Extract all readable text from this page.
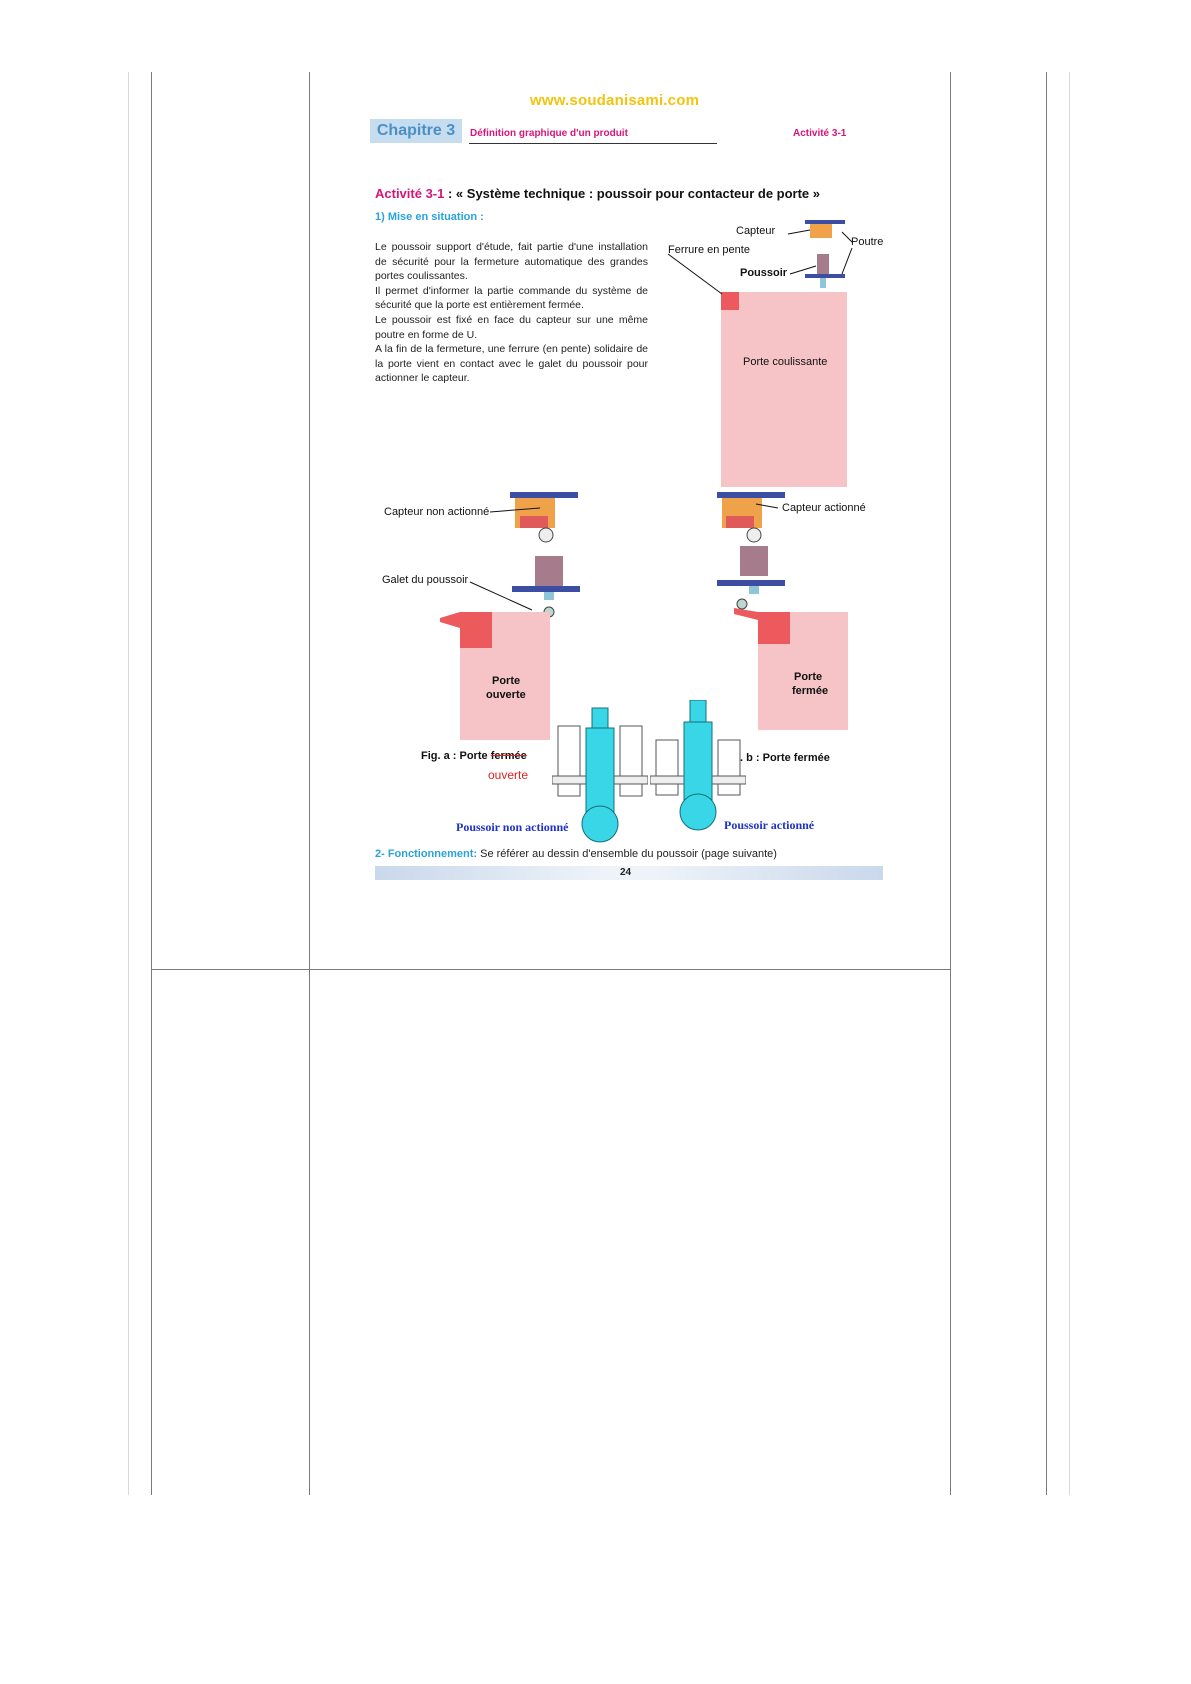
www.soudanisami.com
Chapitre 3	Définition graphique d'un produit	Activité 3-1
Activité 3-1 : « Système technique : poussoir pour contacteur de porte »
1) Mise en situation :
Le poussoir support d'étude, fait partie d'une installation de sécurité pour la fermeture automatique des grandes portes coulissantes.
Il permet d'informer la partie commande du système de sécurité que la porte est entièrement fermée.
Le poussoir est fixé en face du capteur sur une même poutre en forme de U.
A la fin de la fermeture, une ferrure (en pente) solidaire de la porte vient en contact avec le galet du poussoir pour actionner le capteur.
Capteur
Poutre
Ferrure en pente
Poussoir
Porte coulissante
Capteur non actionné
Galet du poussoir
Porte
ouverte
Capteur actionné
Porte
fermée
Fig. a : Porte fermée
ouverte
. b : Porte fermée
Poussoir non actionné	Poussoir actionné
2- Fonctionnement: Se référer au dessin d'ensemble du poussoir (page suivante)
24
